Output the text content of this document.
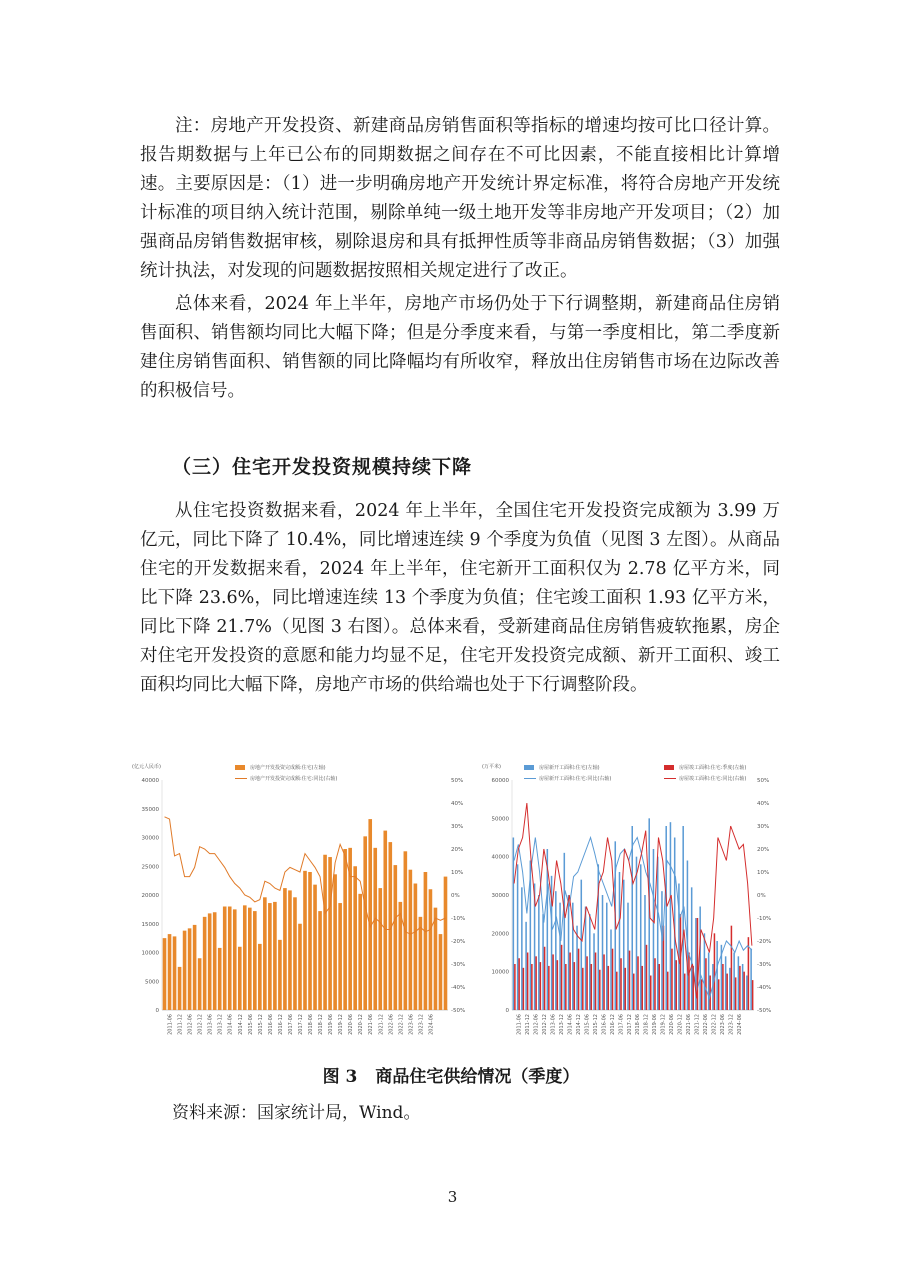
注：房地产开发投资、新建商品房销售面积等指标的增速均按可比口径计算。报告期数据与上年已公布的同期数据之间存在不可比因素，不能直接相比计算增速。主要原因是：（1）进一步明确房地产开发统计界定标准，将符合房地产开发统计标准的项目纳入统计范围，剔除单纯一级土地开发等非房地产开发项目；（2）加强商品房销售数据审核，剔除退房和具有抵押性质等非商品房销售数据；（3）加强统计执法，对发现的问题数据按照相关规定进行了改正。

总体来看，2024 年上半年，房地产市场仍处于下行调整期，新建商品住房销售面积、销售额均同比大幅下降；但是分季度来看，与第一季度相比，第二季度新建住房销售面积、销售额的同比降幅均有所收窄，释放出住房销售市场在边际改善的积极信号。

（三）住宅开发投资规模持续下降

从住宅投资数据来看，2024 年上半年，全国住宅开发投资完成额为 3.99 万亿元，同比下降了 10.4%，同比增速连续 9 个季度为负值（见图 3 左图）。从商品住宅的开发数据来看，2024 年上半年，住宅新开工面积仅为 2.78 亿平方米，同比下降 23.6%，同比增速连续 13 个季度为负值；住宅竣工面积 1.93 亿平方米，同比下降 21.7%（见图 3 右图）。总体来看，受新建商品住房销售疲软拖累，房企对住宅开发投资的意愿和能力均显不足，住宅开发投资完成额、新开工面积、竣工面积均同比大幅下降，房地产市场的供给端也处于下行调整阶段。

0
5000
10000
15000
20000
25000
30000
35000
40000
-50%
-40%
-30%
-20%
-10%
0%
10%
20%
30%
40%
50%
(亿元人民币)
2011-06 2011-12 2012-06 2012-12 2013-06 2013-12 2014-06 2014-12 2015-06 2015-12 2016-06 2016-12 2017-06 2017-12 2018-06 2018-12 2019-06 2019-12 2020-06 2020-12 2021-06 2021-12 2022-06 2022-12 2023-06 2023-12 2024-06
房地产开发投资完成额:住宅(左轴)
房地产开发投资完成额:住宅:同比(右轴)
0
10000
20000
30000
40000
50000
60000
-50%
-40%
-30%
-20%
-10%
0%
10%
20%
30%
40%
50%
(万平米)
2011-06 2011-12 2012-06 2012-12 2013-06 2013-12 2014-06 2014-12 2015-06 2015-12 2016-06 2016-12 2017-06 2017-12 2018-06 2018-12 2019-06 2019-12 2020-06 2020-12 2021-06 2021-12 2022-06 2022-12 2023-06 2023-12 2024-06
房屋新开工面积:住宅(左轴)	房屋竣工面积:住宅:季度(左轴)
房屋新开工面积:住宅:同比(右轴)	房屋竣工面积:住宅:同比(右轴)

图 3 商品住宅供给情况（季度）

资料来源：国家统计局，Wind。

3
